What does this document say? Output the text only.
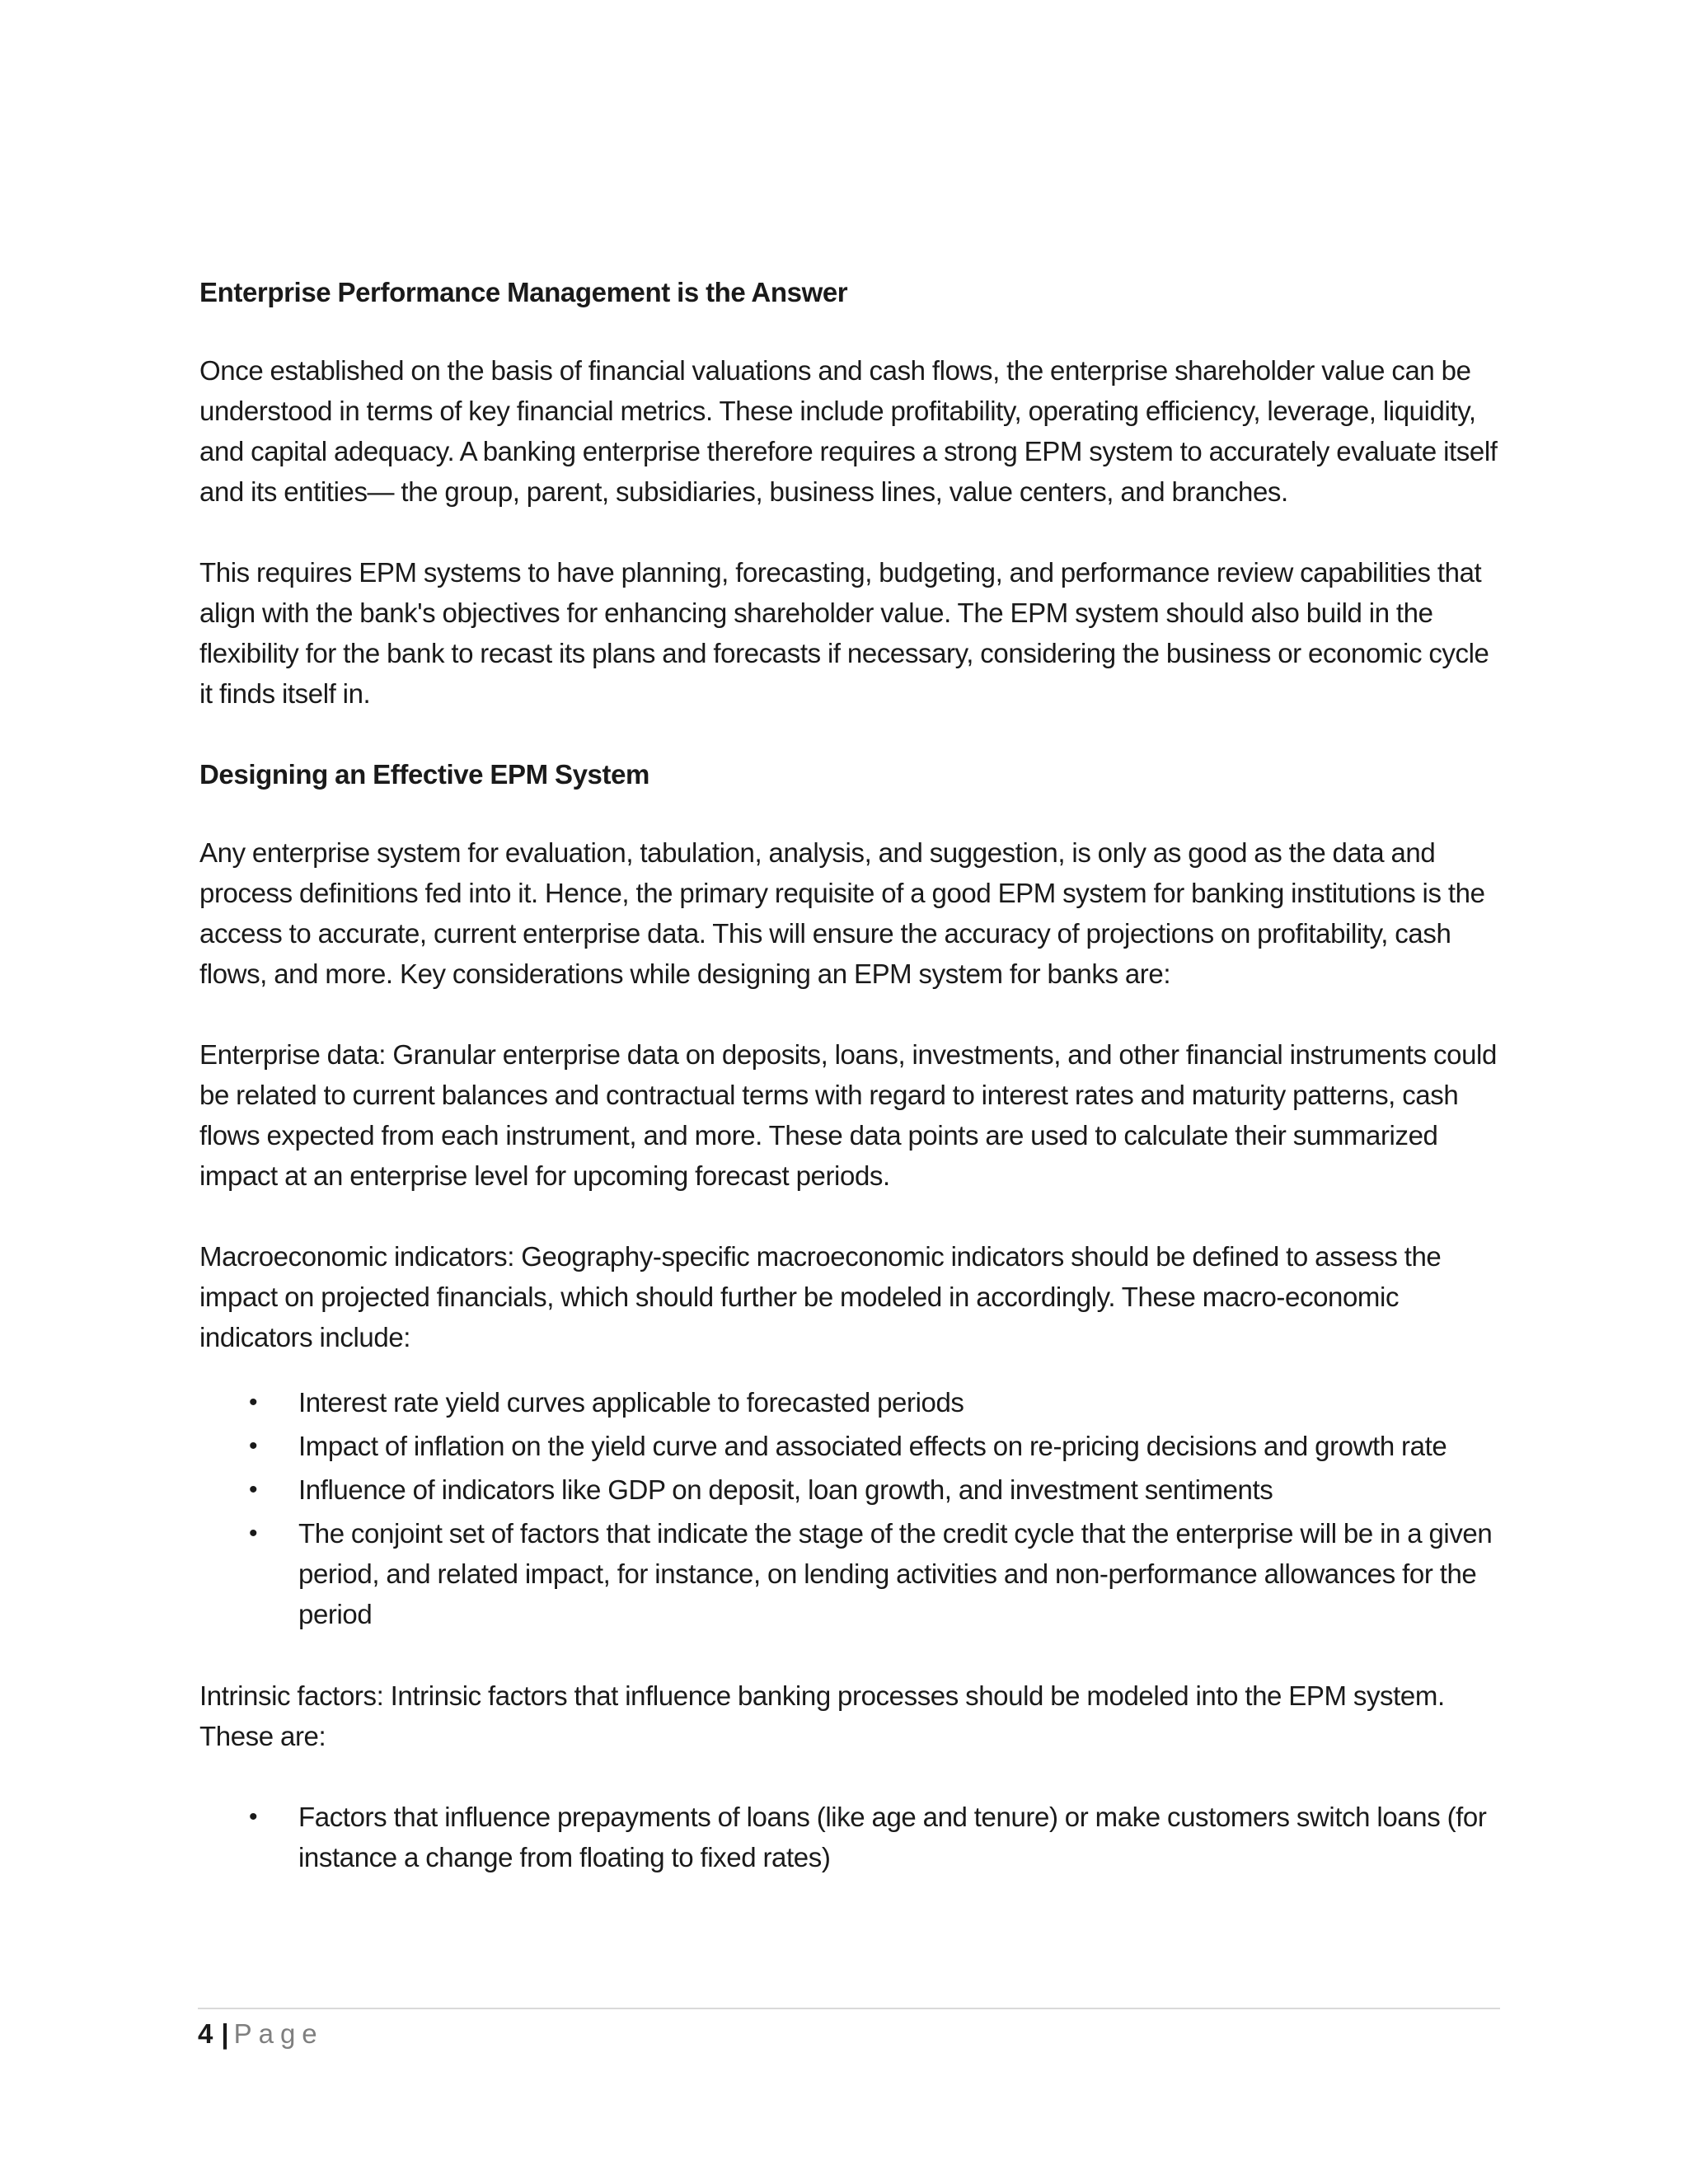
Enterprise Performance Management is the Answer

Once established on the basis of financial valuations and cash flows, the enterprise shareholder value can be understood in terms of key financial metrics. These include profitability, operating efficiency, leverage, liquidity, and capital adequacy. A banking enterprise therefore requires a strong EPM system to accurately evaluate itself and its entities— the group, parent, subsidiaries, business lines, value centers, and branches.

This requires EPM systems to have planning, forecasting, budgeting, and performance review capabilities that align with the bank's objectives for enhancing shareholder value. The EPM system should also build in the flexibility for the bank to recast its plans and forecasts if necessary, considering the business or economic cycle it finds itself in.

Designing an Effective EPM System

Any enterprise system for evaluation, tabulation, analysis, and suggestion, is only as good as the data and process definitions fed into it. Hence, the primary requisite of a good EPM system for banking institutions is the access to accurate, current enterprise data. This will ensure the accuracy of projections on profitability, cash flows, and more. Key considerations while designing an EPM system for banks are:

Enterprise data: Granular enterprise data on deposits, loans, investments, and other financial instruments could be related to current balances and contractual terms with regard to interest rates and maturity patterns, cash flows expected from each instrument, and more. These data points are used to calculate their summarized impact at an enterprise level for upcoming forecast periods.

Macroeconomic indicators: Geography-specific macroeconomic indicators should be defined to assess the impact on projected financials, which should further be modeled in accordingly. These macro-economic indicators include:

•	Interest rate yield curves applicable to forecasted periods
•	Impact of inflation on the yield curve and associated effects on re-pricing decisions and growth rate
•	Influence of indicators like GDP on deposit, loan growth, and investment sentiments
•	The conjoint set of factors that indicate the stage of the credit cycle that the enterprise will be in a given period, and related impact, for instance, on lending activities and non-performance allowances for the period

Intrinsic factors: Intrinsic factors that influence banking processes should be modeled into the EPM system. These are:

•	Factors that influence prepayments of loans (like age and tenure) or make customers switch loans (for instance a change from floating to fixed rates)
4 | Page
